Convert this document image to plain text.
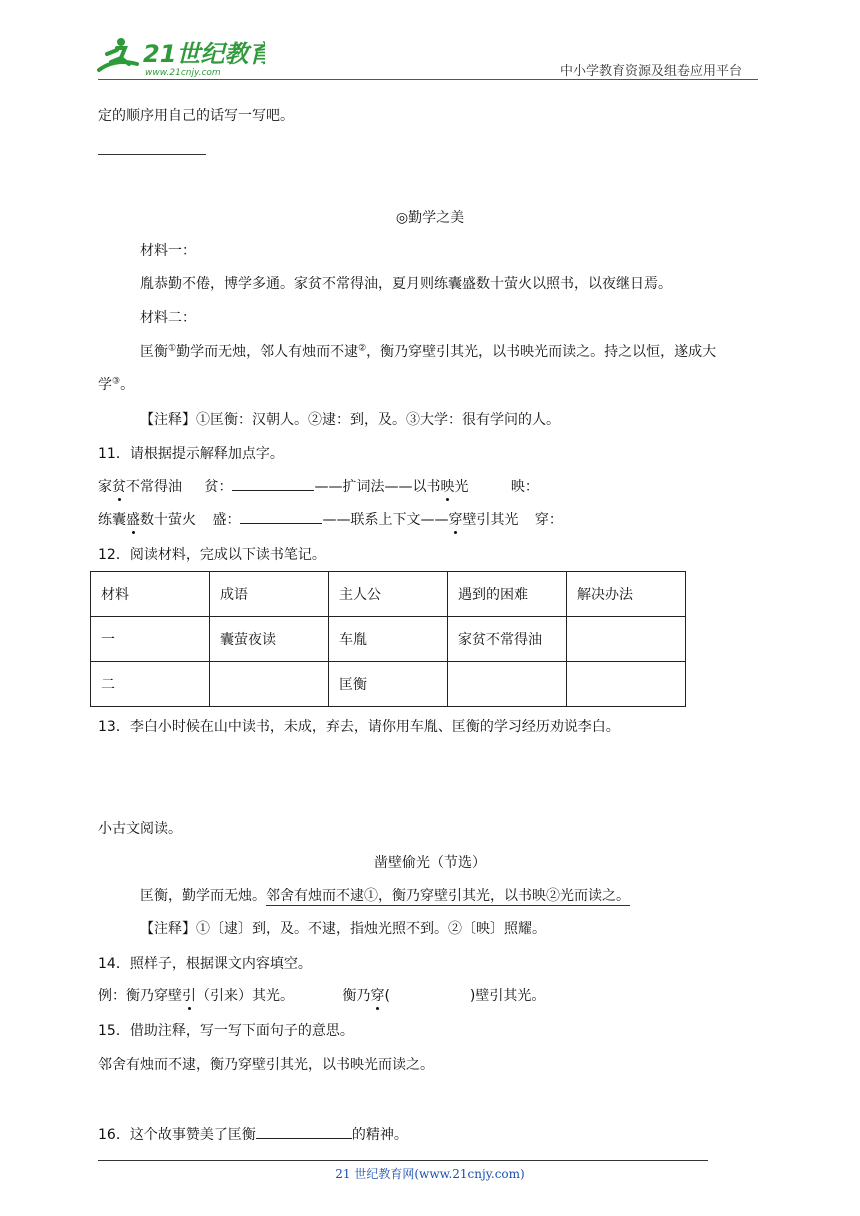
21世纪教育
www.21cnjy.com	中小学教育资源及组卷应用平台
定的顺序用自己的话写一写吧。
◎勤学之美
材料一：
胤恭勤不倦，博学多通。家贫不常得油，夏月则练囊盛数十萤火以照书，以夜继日焉。
材料二：
匡衡①勤学而无烛，邻人有烛而不逮②，衡乃穿壁引其光，以书映光而读之。持之以恒，遂成大
学③。
【注释】①匡衡：汉朝人。②逮：到，及。③大学：很有学问的人。
11．请根据提示解释加点字。
家贫不常得油 贫：	——扩词法——以书映光	映：
练囊盛数十萤火 盛：	——联系上下文——穿壁引其光 穿：
12．阅读材料，完成以下读书笔记。
材料	成语	主人公	遇到的困难	解决办法
一	囊萤夜读	车胤	家贫不常得油	
二		匡衡		
13．李白小时候在山中读书，未成，弃去，请你用车胤、匡衡的学习经历劝说李白。
小古文阅读。
凿壁偷光（节选）
匡衡，勤学而无烛。邻舍有烛而不逮①，衡乃穿壁引其光，以书映②光而读之。
【注释】①〔逮〕到，及。不逮，指烛光照不到。②〔映〕照耀。
14．照样子，根据课文内容填空。
例：衡乃穿壁引（引来）其光。	衡乃穿(	)壁引其光。
15．借助注释，写一写下面句子的意思。
邻舍有烛而不逮，衡乃穿壁引其光，以书映光而读之。
16．这个故事赞美了匡衡	的精神。
21 世纪教育网(www.21cnjy.com)
